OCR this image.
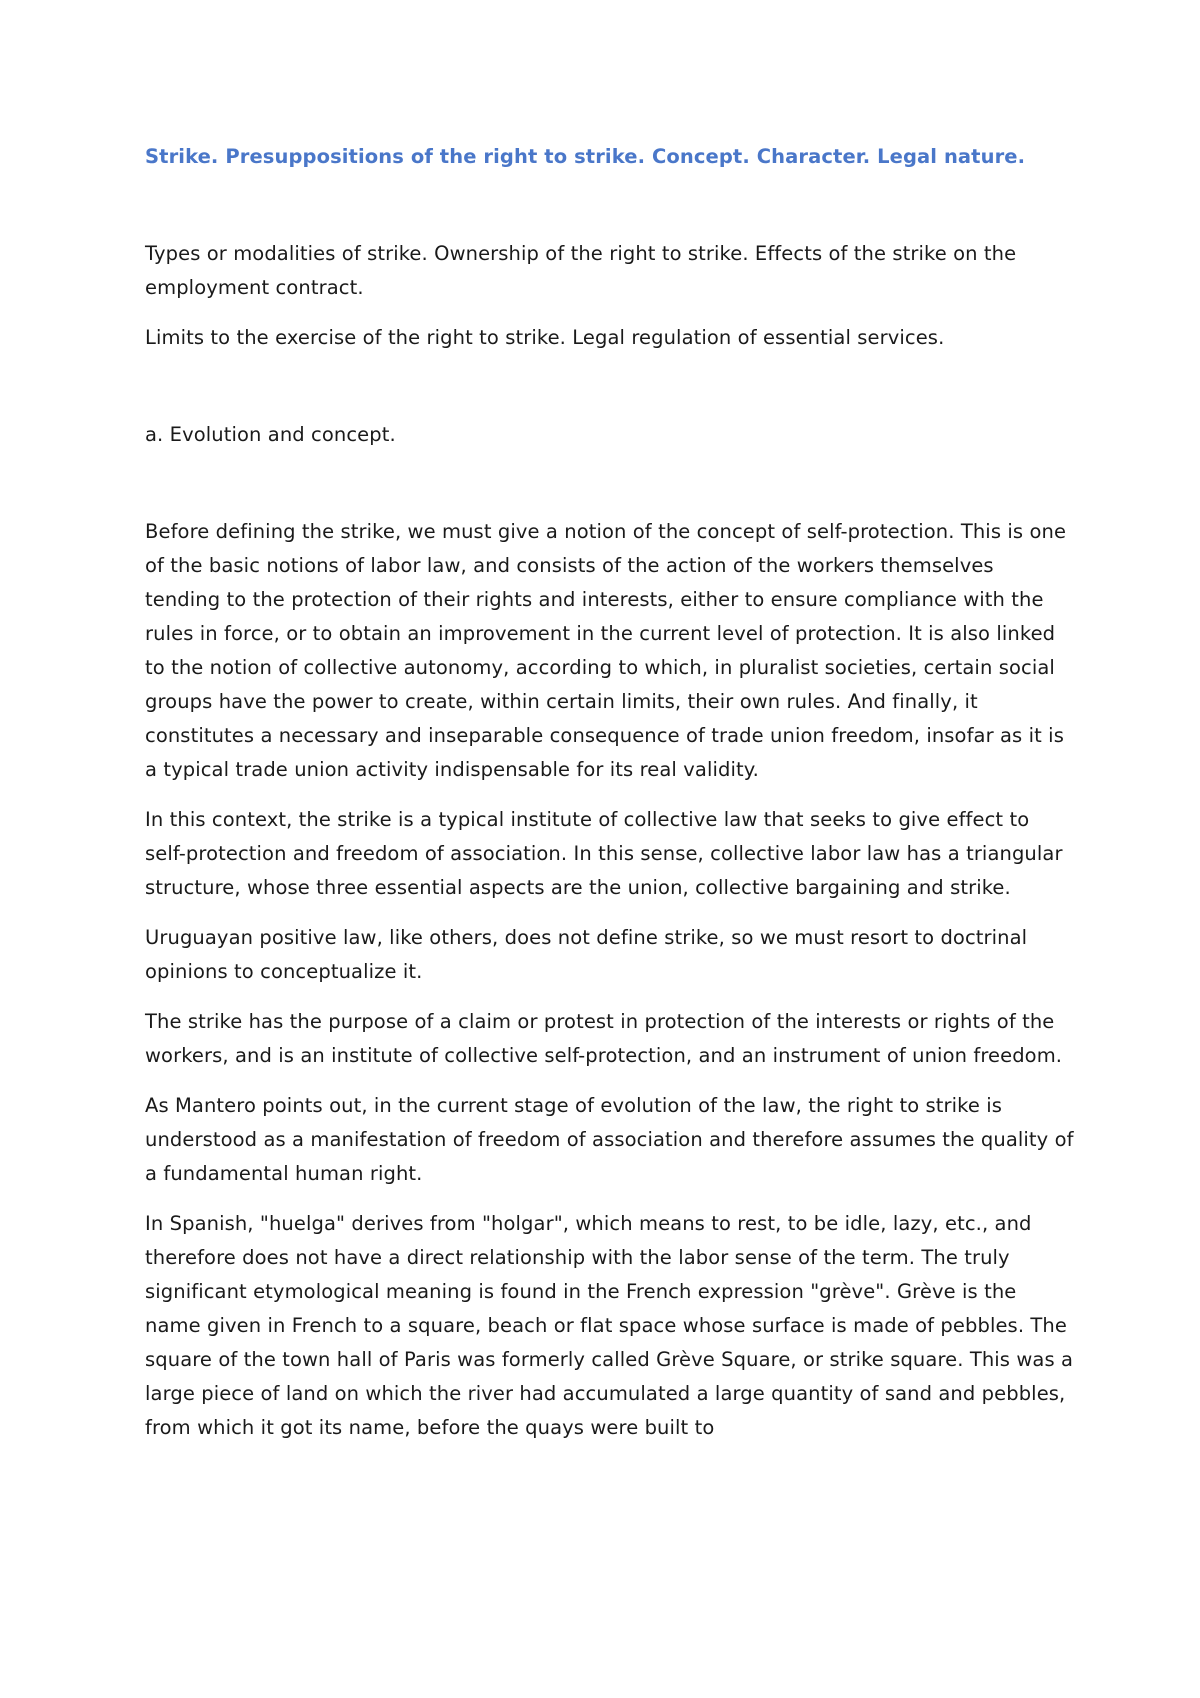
Strike. Presuppositions of the right to strike. Concept. Character. Legal nature.
Types or modalities of strike. Ownership of the right to strike. Effects of the strike on the employment contract.
Limits to the exercise of the right to strike. Legal regulation of essential services.
a. Evolution and concept.
Before defining the strike, we must give a notion of the concept of self-protection. This is one of the basic notions of labor law, and consists of the action of the workers themselves tending to the protection of their rights and interests, either to ensure compliance with the rules in force, or to obtain an improvement in the current level of protection. It is also linked to the notion of collective autonomy, according to which, in pluralist societies, certain social groups have the power to create, within certain limits, their own rules. And finally, it constitutes a necessary and inseparable consequence of trade union freedom, insofar as it is a typical trade union activity indispensable for its real validity.
In this context, the strike is a typical institute of collective law that seeks to give effect to self-protection and freedom of association. In this sense, collective labor law has a triangular structure, whose three essential aspects are the union, collective bargaining and strike.
Uruguayan positive law, like others, does not define strike, so we must resort to doctrinal opinions to conceptualize it.
The strike has the purpose of a claim or protest in protection of the interests or rights of the workers, and is an institute of collective self-protection, and an instrument of union freedom.
As Mantero points out, in the current stage of evolution of the law, the right to strike is understood as a manifestation of freedom of association and therefore assumes the quality of a fundamental human right.
In Spanish, "huelga" derives from "holgar", which means to rest, to be idle, lazy, etc., and therefore does not have a direct relationship with the labor sense of the term. The truly significant etymological meaning is found in the French expression "grève". Grève is the name given in French to a square, beach or flat space whose surface is made of pebbles. The square of the town hall of Paris was formerly called Grève Square, or strike square. This was a large piece of land on which the river had accumulated a large quantity of sand and pebbles, from which it got its name, before the quays were built to
